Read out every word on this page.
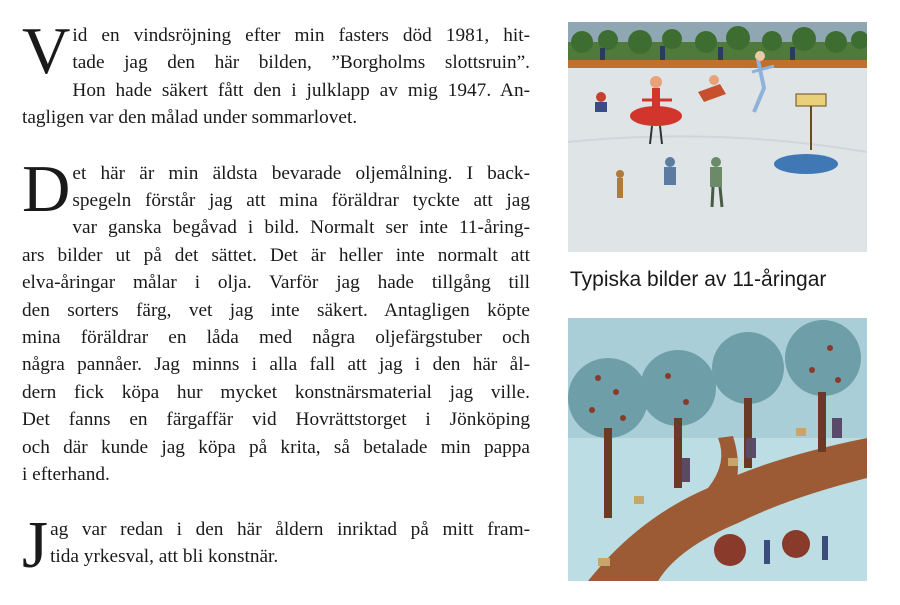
V id en vindsröjning efter min fasters död 1981, hit-
tade jag den här bilden, ”Borgholms slottsruin”.
Hon hade säkert fått den i julklapp av mig 1947. An-
tagligen var den målad under sommarlovet.

D et här är min äldsta bevarade oljemålning. I back-
spegeln förstår jag att mina föräldrar tyckte att jag
var ganska begåvad i bild. Normalt ser inte 11-åring-
ars bilder ut på det sättet. Det är heller inte normalt att
elva-åringar målar i olja. Varför jag hade tillgång till
den sorters färg, vet jag inte säkert. Antagligen köpte
mina föräldrar en låda med några oljefärgstuber och
några pannåer. Jag minns i alla fall att jag i den här ål-
dern fick köpa hur mycket konstnärsmaterial jag ville.
Det fanns en färgaffär vid Hovrättstorget i Jönköping
och där kunde jag köpa på krita, så betalade min pappa
i efterhand.

J ag var redan i den här åldern inriktad på mitt fram-
tida yrkesval, att bli konstnär.

Typiska bilder av 11-åringar
